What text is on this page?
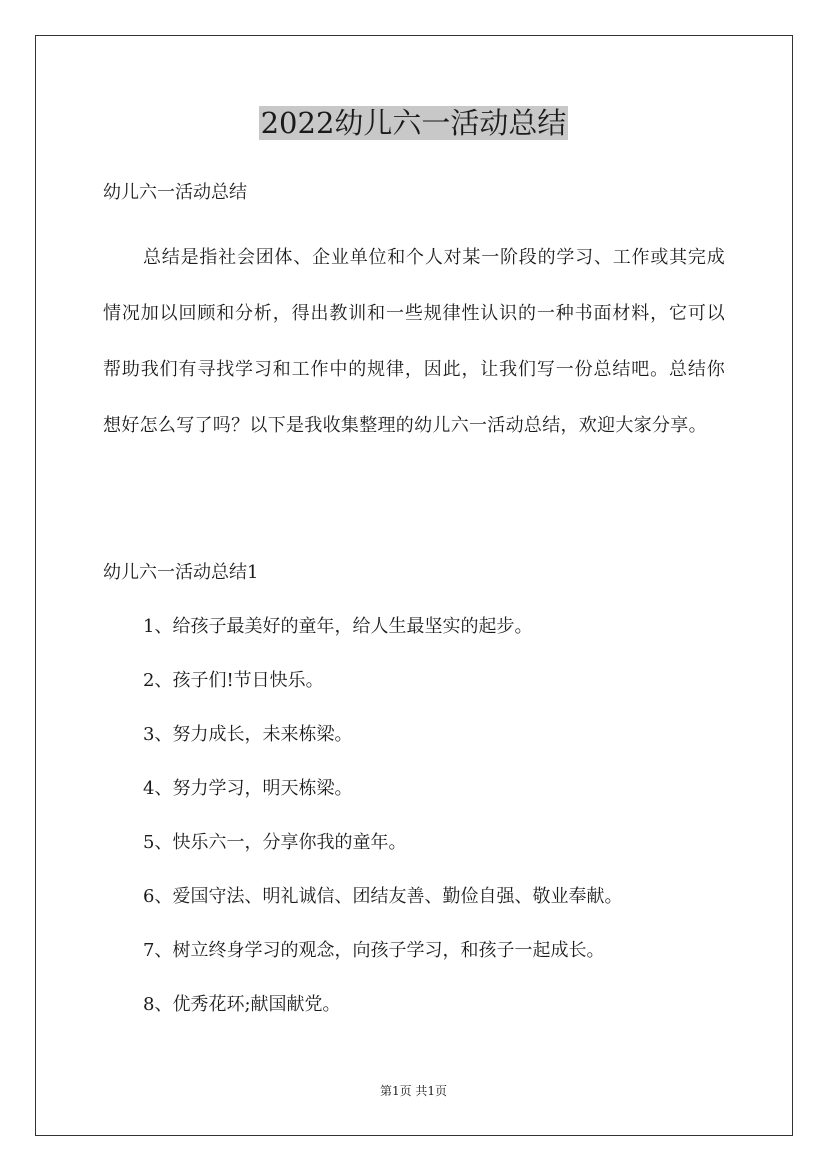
2022幼儿六一活动总结

幼儿六一活动总结

总结是指社会团体、企业单位和个人对某一阶段的学习、工作或其完成情况加以回顾和分析，得出教训和一些规律性认识的一种书面材料，它可以帮助我们有寻找学习和工作中的规律，因此，让我们写一份总结吧。总结你想好怎么写了吗？以下是我收集整理的幼儿六一活动总结，欢迎大家分享。

幼儿六一活动总结1

1、给孩子最美好的童年，给人生最坚实的起步。

2、孩子们!节日快乐。

3、努力成长，未来栋梁。

4、努力学习，明天栋梁。

5、快乐六一，分享你我的童年。

6、爱国守法、明礼诚信、团结友善、勤俭自强、敬业奉献。

7、树立终身学习的观念，向孩子学习，和孩子一起成长。

8、优秀花环;献国献党。

第1页 共1页
